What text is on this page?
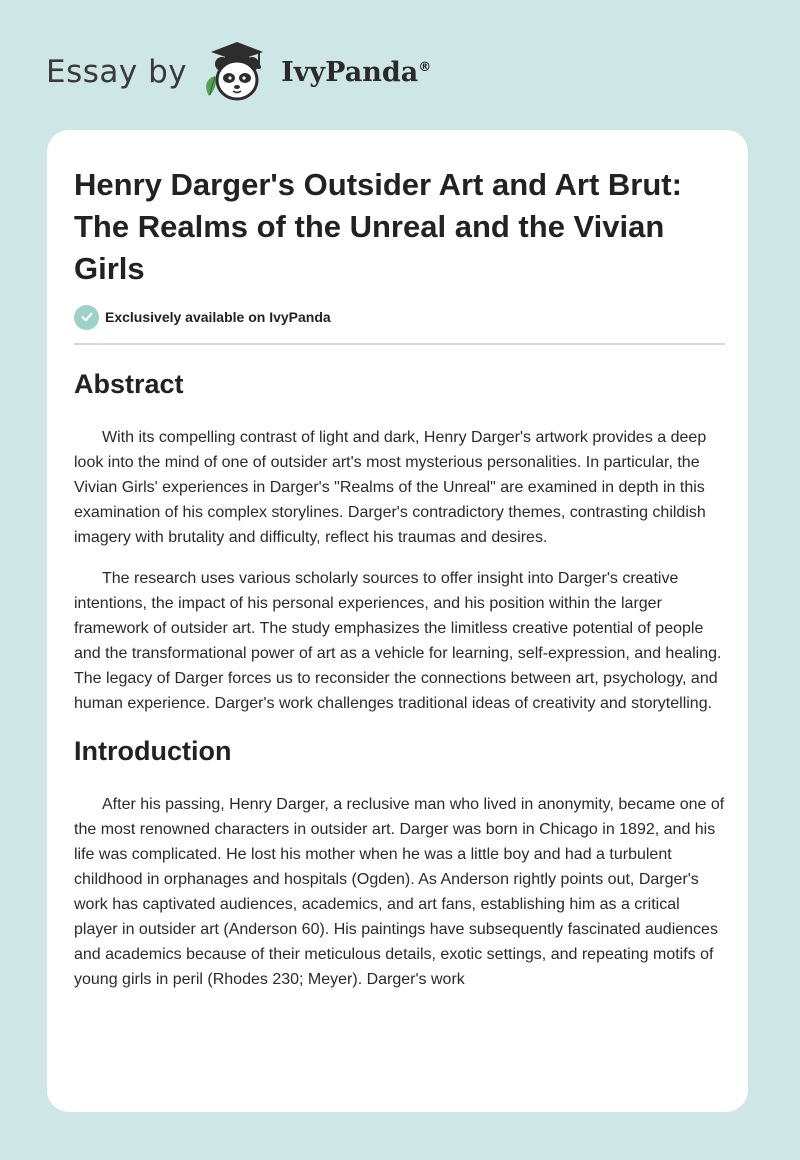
Essay by	IvyPanda®
Henry Darger's Outsider Art and Art Brut: The Realms of the Unreal and the Vivian Girls
Exclusively available on IvyPanda
Abstract

With its compelling contrast of light and dark, Henry Darger's artwork provides a deep look into the mind of one of outsider art's most mysterious personalities. In particular, the Vivian Girls' experiences in Darger's "Realms of the Unreal" are examined in depth in this examination of his complex storylines. Darger's contradictory themes, contrasting childish imagery with brutality and difficulty, reflect his traumas and desires.

The research uses various scholarly sources to offer insight into Darger's creative intentions, the impact of his personal experiences, and his position within the larger framework of outsider art. The study emphasizes the limitless creative potential of people and the transformational power of art as a vehicle for learning, self-expression, and healing. The legacy of Darger forces us to reconsider the connections between art, psychology, and human experience. Darger's work challenges traditional ideas of creativity and storytelling.

Introduction

After his passing, Henry Darger, a reclusive man who lived in anonymity, became one of the most renowned characters in outsider art. Darger was born in Chicago in 1892, and his life was complicated. He lost his mother when he was a little boy and had a turbulent childhood in orphanages and hospitals (Ogden). As Anderson rightly points out, Darger's work has captivated audiences, academics, and art fans, establishing him as a critical player in outsider art (Anderson 60). His paintings have subsequently fascinated audiences and academics because of their meticulous details, exotic settings, and repeating motifs of young girls in peril (Rhodes 230; Meyer). Darger's work
